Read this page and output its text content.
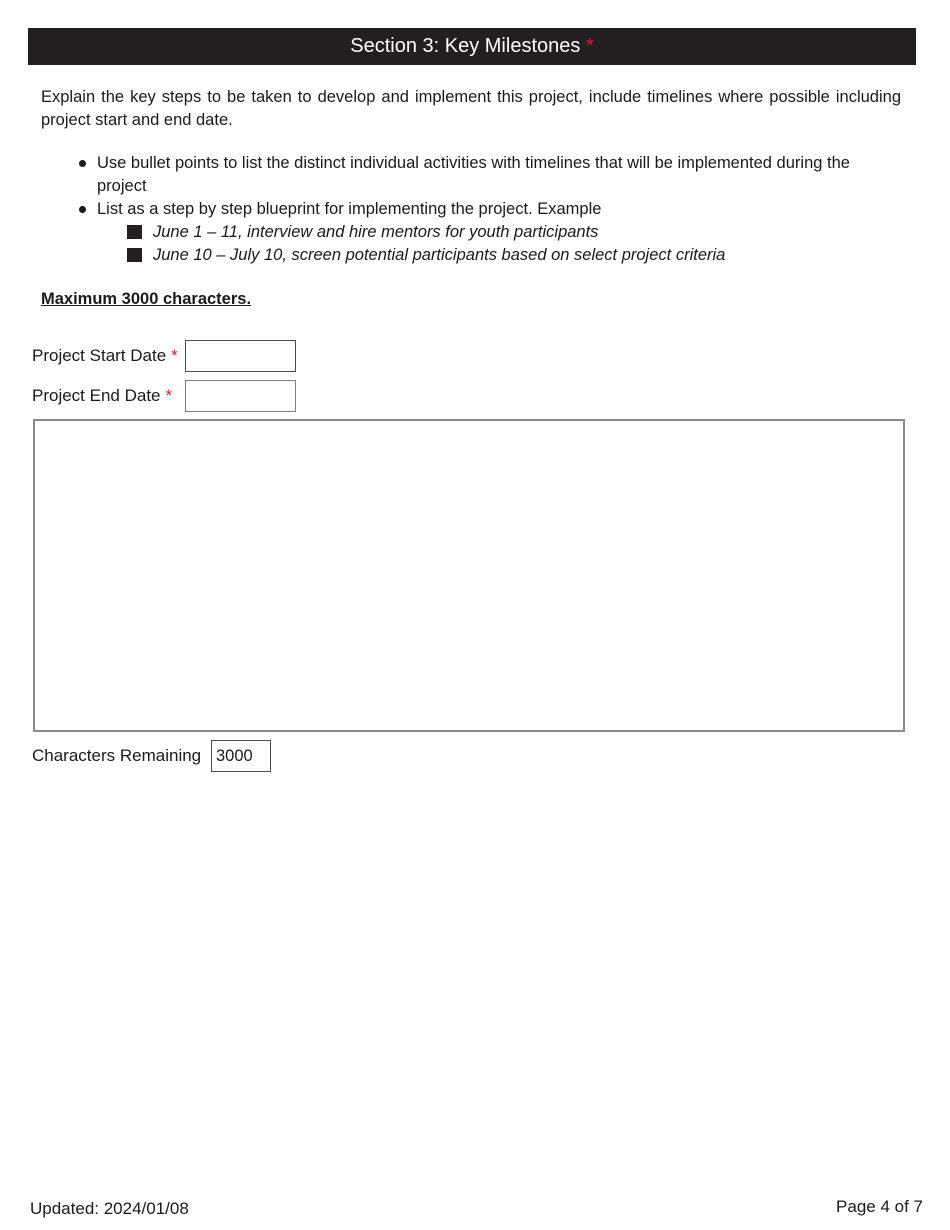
Section 3: Key Milestones *

Explain the key steps to be taken to develop and implement this project, include timelines where possible including project start and end date.

Use bullet points to list the distinct individual activities with timelines that will be implemented during the project
List as a step by step blueprint for implementing the project. Example
June 1 – 11, interview and hire mentors for youth participants
June 10 – July 10, screen potential participants based on select project criteria

Maximum 3000 characters.

Project Start Date *
Project End Date *
Characters Remaining 3000
Updated: 2024/01/08	Page 4 of 7
